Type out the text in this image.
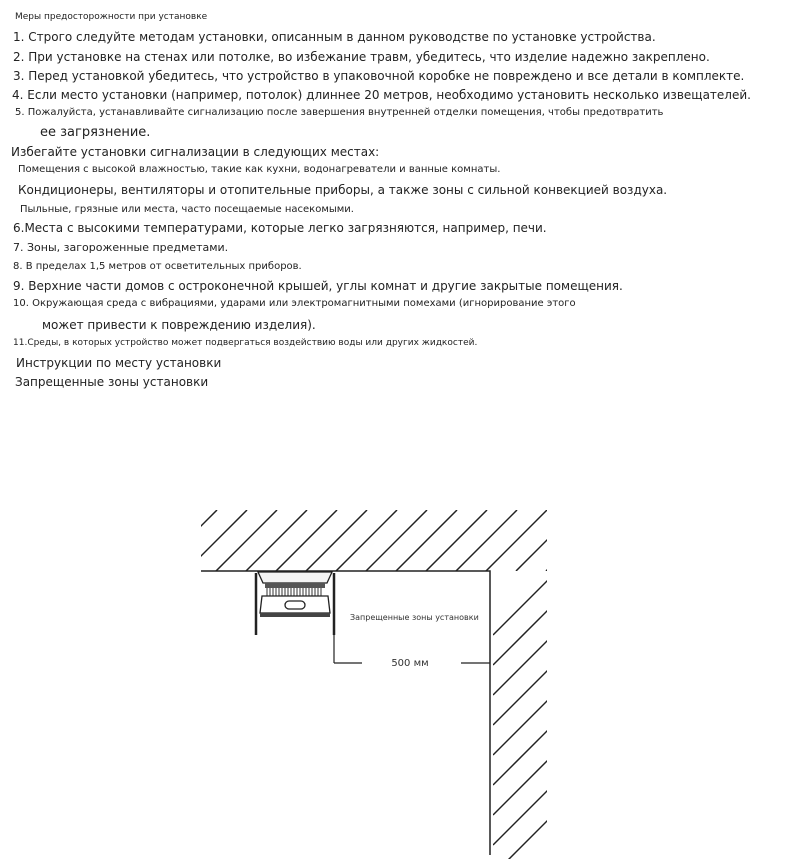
Меры предосторожности при установке
1. Строго следуйте методам установки, описанным в данном руководстве по установке устройства.
2. При установке на стенах или потолке, во избежание травм, убедитесь, что изделие надежно закреплено.
3. Перед установкой убедитесь, что устройство в упаковочной коробке не повреждено и все детали в комплекте.
4. Если место установки (например, потолок) длиннее 20 метров, необходимо установить несколько извещателей.
5. Пожалуйста, устанавливайте сигнализацию после завершения внутренней отделки помещения, чтобы предотвратить
ее загрязнение.
Избегайте установки сигнализации в следующих местах:
Помещения с высокой влажностью, такие как кухни, водонагреватели и ванные комнаты.
Кондиционеры, вентиляторы и отопительные приборы, а также зоны с сильной конвекцией воздуха.
Пыльные, грязные или места, часто посещаемые насекомыми.
6.Места с высокими температурами, которые легко загрязняются, например, печи.
7. Зоны, загороженные предметами.
8. В пределах 1,5 метров от осветительных приборов.
9. Верхние части домов с остроконечной крышей, углы комнат и другие закрытые помещения.
10. Окружающая среда с вибрациями, ударами или электромагнитными помехами (игнорирование этого
может привести к повреждению изделия).
11.Среды, в которых устройство может подвергаться воздействию воды или других жидкостей.
Инструкции по месту установки
Запрещенные зоны установки
Запрещенные зоны установки
500 мм
